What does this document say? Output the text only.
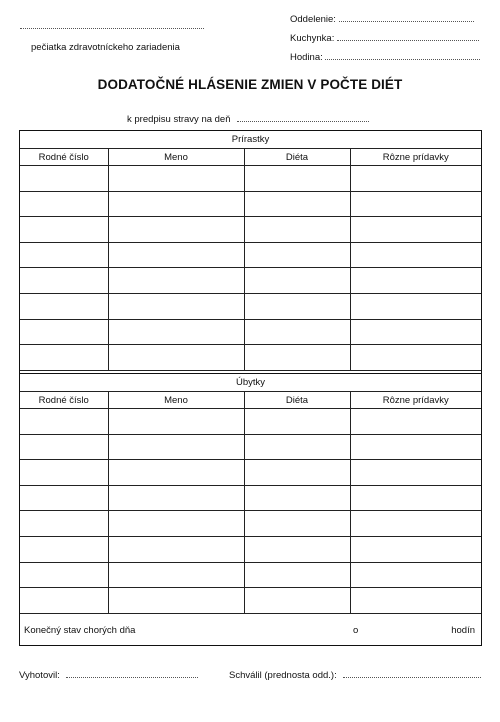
pečiatka zdravotníckeho zariadenia
Oddelenie:
Kuchynka:
Hodina:
DODATOČNÉ HLÁSENIE ZMIEN V POČTE DIÉT
k predpisu stravy na deň
Prírastky
Rodné číslo	Meno	Diéta	Rôzne prídavky

Úbytky
Rodné číslo	Meno	Diéta	Rôzne prídavky

Konečný stav chorých dňa	o	hodín
Vyhotovil:	Schválil (prednosta odd.):
